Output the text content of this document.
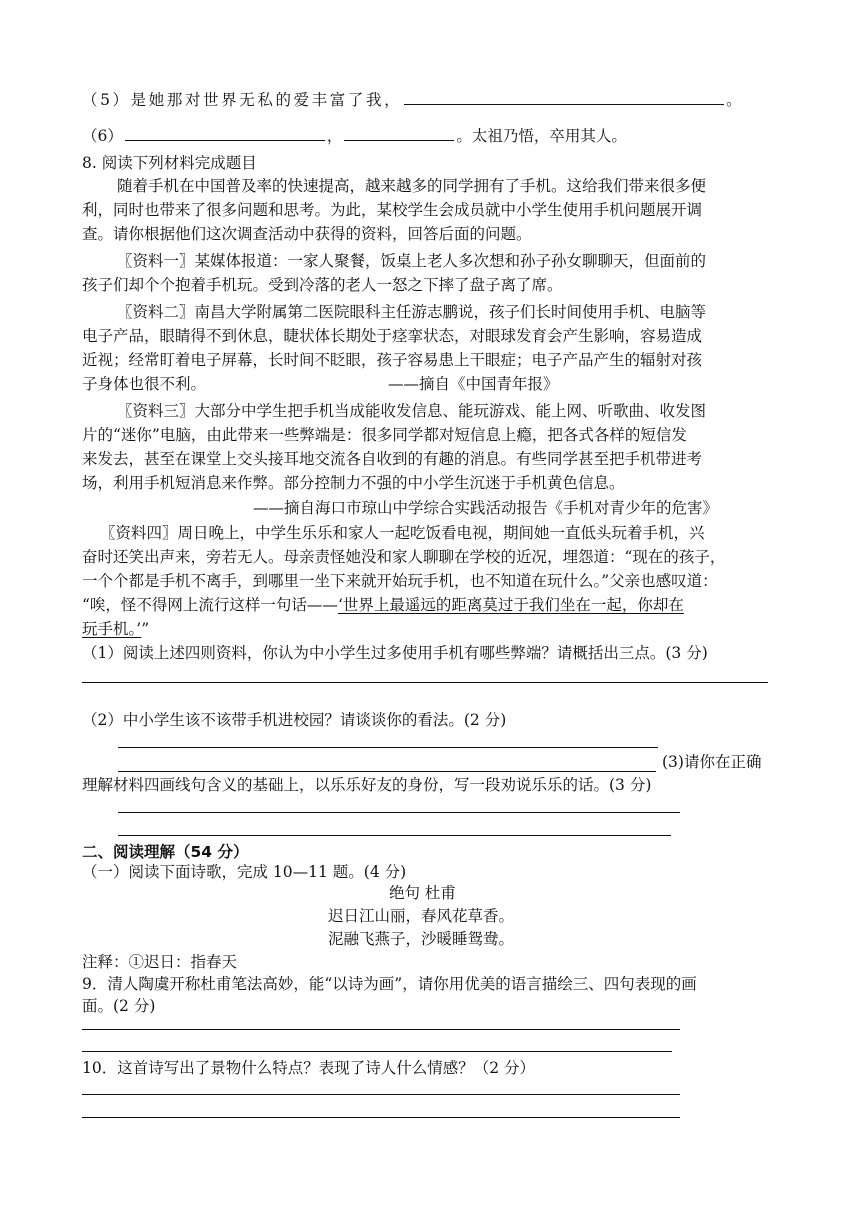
（5）是她那对世界无私的爱丰富了我，	。
（6）	，	。太祖乃悟，卒用其人。
8. 阅读下列材料完成题目
随着手机在中国普及率的快速提高，越来越多的同学拥有了手机。这给我们带来很多便
利，同时也带来了很多问题和思考。为此，某校学生会成员就中小学生使用手机问题展开调
查。请你根据他们这次调查活动中获得的资料，回答后面的问题。
〖资料一〗某媒体报道：一家人聚餐，饭桌上老人多次想和孙子孙女聊聊天，但面前的
孩子们却个个抱着手机玩。受到冷落的老人一怒之下摔了盘子离了席。
〖资料二〗南昌大学附属第二医院眼科主任游志鹏说，孩子们长时间使用手机、电脑等
电子产品，眼睛得不到休息，睫状体长期处于痉挛状态，对眼球发育会产生影响，容易造成
近视；经常盯着电子屏幕，长时间不眨眼，孩子容易患上干眼症；电子产品产生的辐射对孩
子身体也很不利。	——摘自《中国青年报》
〖资料三〗大部分中学生把手机当成能收发信息、能玩游戏、能上网、听歌曲、收发图
片的“迷你”电脑，由此带来一些弊端是：很多同学都对短信息上瘾，把各式各样的短信发
来发去，甚至在课堂上交头接耳地交流各自收到的有趣的消息。有些同学甚至把手机带进考
场，利用手机短消息来作弊。部分控制力不强的中小学生沉迷于手机黄色信息。
——摘自海口市琼山中学综合实践活动报告《手机对青少年的危害》
〖资料四〗周日晚上，中学生乐乐和家人一起吃饭看电视，期间她一直低头玩着手机，兴
奋时还笑出声来，旁若无人。母亲责怪她没和家人聊聊在学校的近况，埋怨道：“现在的孩子，
一个个都是手机不离手，到哪里一坐下来就开始玩手机，也不知道在玩什么。”父亲也感叹道：
“唉，怪不得网上流行这样一句话——‘世界上最遥远的距离莫过于我们坐在一起，你却在
玩手机。’”
（1）阅读上述四则资料，你认为中小学生过多使用手机有哪些弊端？请概括出三点。(3 分)
（2）中小学生该不该带手机进校园？请谈谈你的看法。(2 分)
(3)请你在正确
理解材料四画线句含义的基础上，以乐乐好友的身份，写一段劝说乐乐的话。(3 分)
二、阅读理解（54 分）
（一）阅读下面诗歌，完成 10—11 题。(4 分)
绝句 杜甫
迟日江山丽，春风花草香。
泥融飞燕子，沙暖睡鸳鸯。
注释：①迟日：指春天
9．清人陶虞开称杜甫笔法高妙，能“以诗为画”，请你用优美的语言描绘三、四句表现的画
面。(2 分)
10．这首诗写出了景物什么特点？表现了诗人什么情感？（2 分）
